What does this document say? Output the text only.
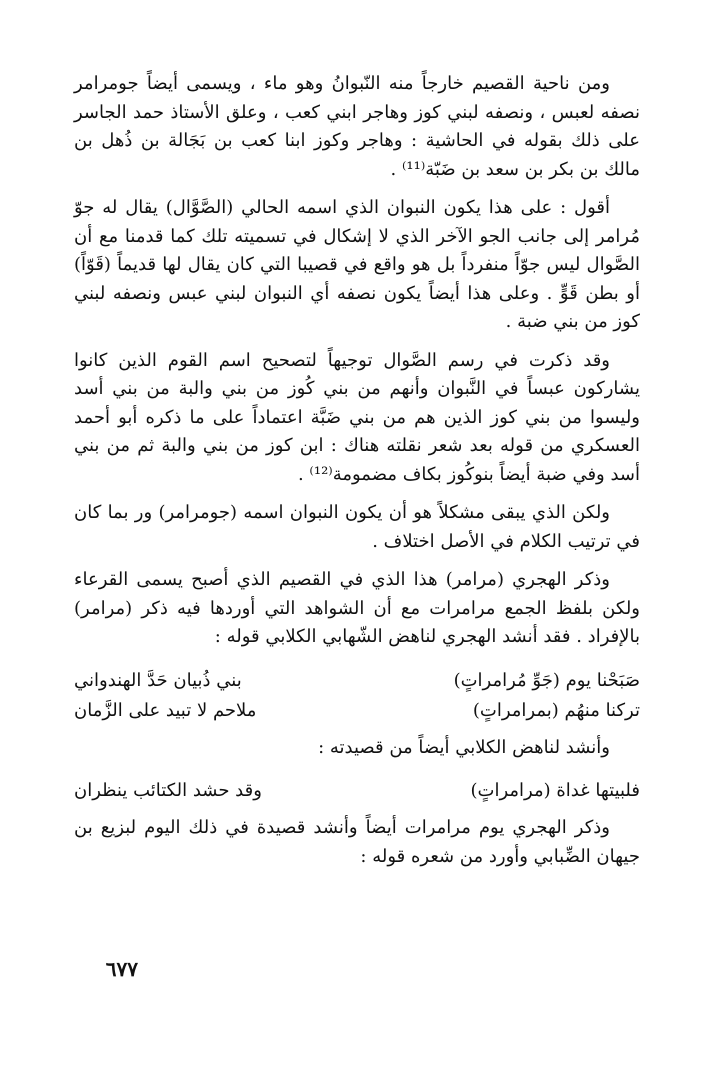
ومن ناحية القصيم خارجاً منه النّبوانُ وهو ماء ، ويسمى أيضاً جومرامر نصفه لعبس ، ونصفه لبني كوز وهاجر ابني كعب ، وعلق الأستاذ حمد الجاسر على ذلك بقوله في الحاشية : وهاجر وكوز ابنا كعب بن بَجَالة بن ذُهل بن مالك بن بكر بن سعد بن ضَبّة⁽¹¹⁾ .

أقول : على هذا يكون النبوان الذي اسمه الحالي (الصَّوَّال) يقال له جوّ مُرامر إلى جانب الجو الآخر الذي لا إشكال في تسميته تلك كما قدمنا مع أن الصَّوال ليس جوّاً منفرداً بل هو واقع في قصيبا التي كان يقال لها قديماً (قَوّاً) أو بطن قَوٍّ . وعلى هذا أيضاً يكون نصفه أي النبوان لبني عبس ونصفه لبني كوز من بني ضبة .

وقد ذكرت في رسم الصَّوال توجيهاً لتصحيح اسم القوم الذين كانوا يشاركون عبساً في النَّبوان وأنهم من بني كُوز من بني والبة من بني أسد وليسوا من بني كوز الذين هم من بني ضَبَّة اعتماداً على ما ذكره أبو أحمد العسكري من قوله بعد شعر نقلته هناك : ابن كوز من بني والبة ثم من بني أسد وفي ضبة أيضاً بنوكُوز بكاف مضمومة⁽¹²⁾ .

ولكن الذي يبقى مشكلاً هو أن يكون النبوان اسمه (جومرامر) ور بما كان في ترتيب الكلام في الأصل اختلاف .

وذكر الهجري (مرامر) هذا الذي في القصيم الذي أصبح يسمى القرعاء ولكن بلفظ الجمع مرامرات مع أن الشواهد التي أوردها فيه ذكر (مرامر) بالإفراد . فقد أنشد الهجري لناهض الشّهابي الكلابي قوله :

صَبَحْنا يوم (جَوِّ مُرامراتٍ)
بني ذُبيان حَدَّ الهندواني

تركنا منهُم (بمرامراتٍ)
ملاحم لا تبيد على الزَّمان

وأنشد لناهض الكلابي أيضاً من قصيدته :

فلبيتها غداة (مرامراتٍ)
وقد حشد الكتائب ينظران

وذكر الهجري يوم مرامرات أيضاً وأنشد قصيدة في ذلك اليوم لبزيع بن جيهان الضِّبابي وأورد من شعره قوله :

٦٧٧
